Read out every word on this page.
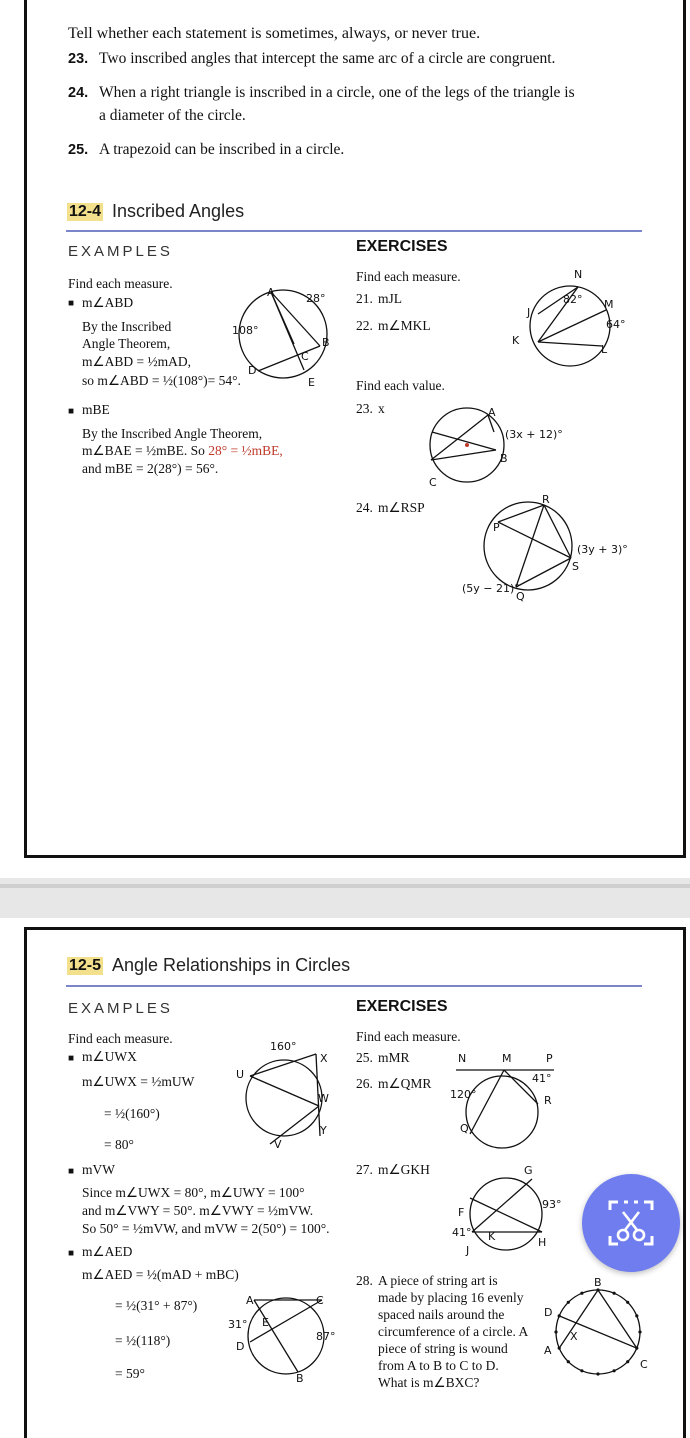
Tell whether each statement is sometimes, always, or never true.
23. Two inscribed angles that intercept the same arc of a circle are congruent.
24. When a right triangle is inscribed in a circle, one of the legs of the triangle is
a diameter of the circle.
25. A trapezoid can be inscribed in a circle.
12-4 Inscribed Angles
EXAMPLES	EXERCISES
Find each measure.
■ m∠ABD
By the Inscribed
Angle Theorem,
m∠ABD = ½mAD,
so m∠ABD = ½(108°)= 54°.
A	28°
B
C
108°
D
E
■ mBE
By the Inscribed Angle Theorem,
m∠BAE = ½mBE. So 28° = ½mBE,
and mBE = 2(28°) = 56°.
Find each measure.
21. mJL
22. m∠MKL
N
82° M
J
64°
K
L
Find each value.
23. x	A
(3x + 12)°
B
C
24. m∠RSP
R
P
(3y + 3)°
S
(5y − 21)°
Q
12-5 Angle Relationships in Circles
EXAMPLES	EXERCISES
Find each measure.
■ m∠UWX
m∠UWX = ½mUW
= ½(160°)
= 80°
160°
X
U
W
Y
V
■ mVW
Since m∠UWX = 80°, m∠UWY = 100°
and m∠VWY = 50°. m∠VWY = ½mVW.
So 50° = ½mVW, and mVW = 2(50°) = 100°.
■ m∠AED
m∠AED = ½(mAD + mBC)
= ½(31° + 87°)
= ½(118°)
= 59°
A	C
31° E
D
87°
B
Find each measure.
25. mMR
26. m∠QMR
N	M	P
41°
120°	R
Q
27. m∠GKH	G
93°
F
41° K	H
J
28. A piece of string art is
made by placing 16 evenly
spaced nails around the
circumference of a circle. A
piece of string is wound
from A to B to C to D.
What is m∠BXC?
B
D
X
A
C
